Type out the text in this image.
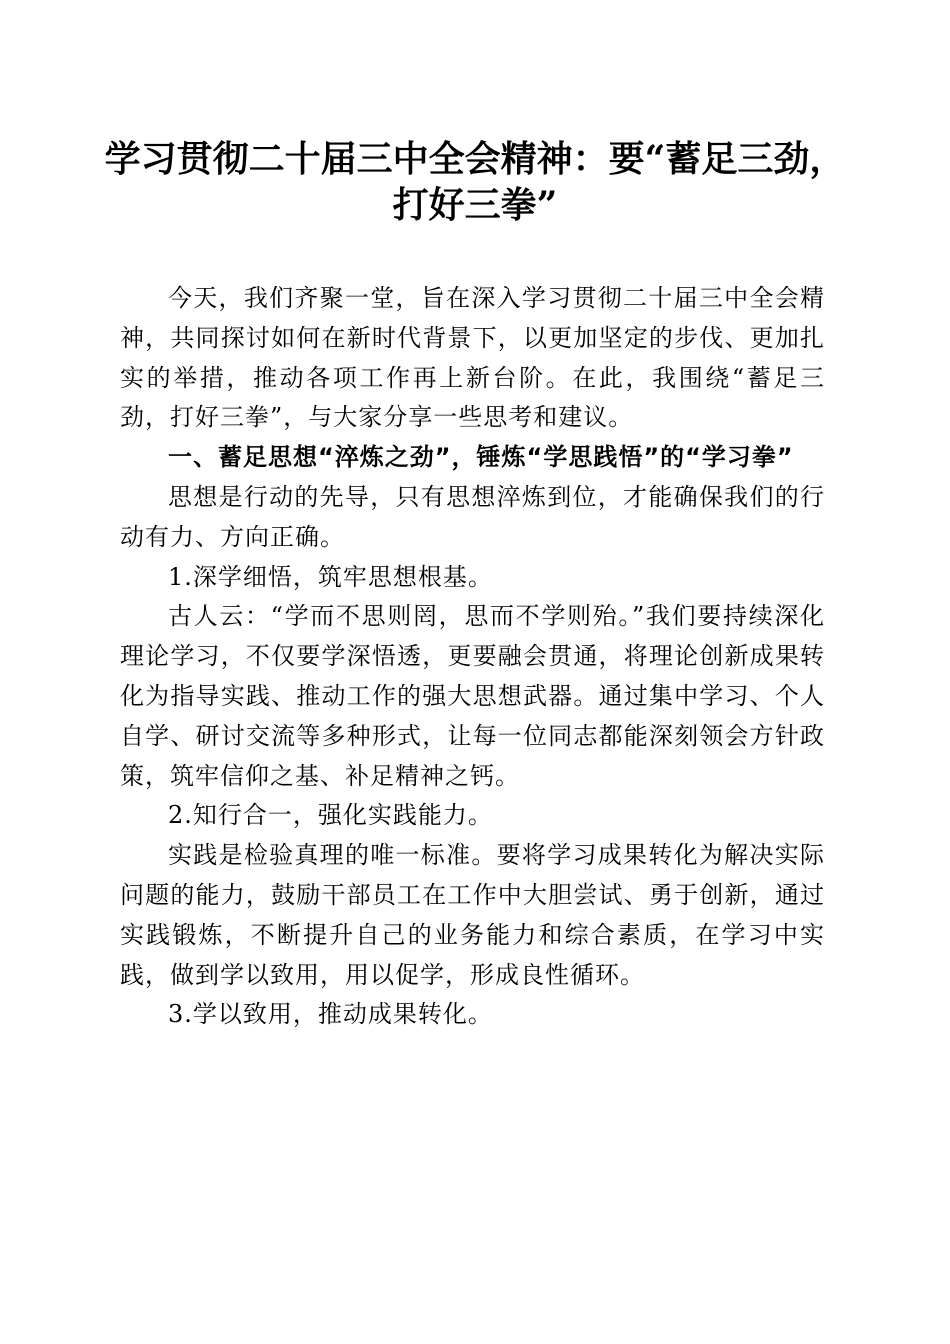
学习贯彻二十届三中全会精神：要“蓄足三劲，
打好三拳”

今天，我们齐聚一堂，旨在深入学习贯彻二十届三中全会精神，共同探讨如何在新时代背景下，以更加坚定的步伐、更加扎实的举措，推动各项工作再上新台阶。在此，我围绕“蓄足三劲，打好三拳”，与大家分享一些思考和建议。

一、蓄足思想“淬炼之劲”，锤炼“学思践悟”的“学习拳”

思想是行动的先导，只有思想淬炼到位，才能确保我们的行动有力、方向正确。

1.深学细悟，筑牢思想根基。

古人云：“学而不思则罔，思而不学则殆。”我们要持续深化理论学习，不仅要学深悟透，更要融会贯通，将理论创新成果转化为指导实践、推动工作的强大思想武器。通过集中学习、个人自学、研讨交流等多种形式，让每一位同志都能深刻领会方针政策，筑牢信仰之基、补足精神之钙。

2.知行合一，强化实践能力。

实践是检验真理的唯一标准。要将学习成果转化为解决实际问题的能力，鼓励干部员工在工作中大胆尝试、勇于创新，通过实践锻炼，不断提升自己的业务能力和综合素质，在学习中实践，做到学以致用，用以促学，形成良性循环。

3.学以致用，推动成果转化。
